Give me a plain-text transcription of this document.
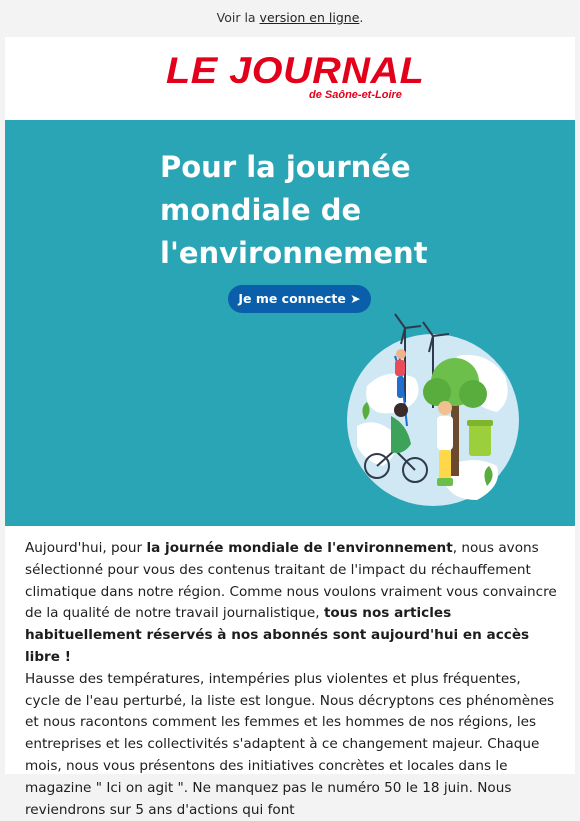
Voir la version en ligne.
LE JOURNAL
de Saône-et-Loire
Pour la journée mondiale de l'environnement
Je me connecte ➤

Aujourd'hui, pour la journée mondiale de l'environnement, nous avons sélectionné pour vous des contenus traitant de l'impact du réchauffement climatique dans notre région. Comme nous voulons vraiment vous convaincre de la qualité de notre travail journalistique, tous nos articles habituellement réservés à nos abonnés sont aujourd'hui en accès libre !

Hausse des températures, intempéries plus violentes et plus fréquentes, cycle de l'eau perturbé, la liste est longue. Nous décryptons ces phénomènes et nous racontons comment les femmes et les hommes de nos régions, les entreprises et les collectivités s'adaptent à ce changement majeur. Chaque mois, nous vous présentons des initiatives concrètes et locales dans le magazine " Ici on agit ". Ne manquez pas le numéro 50 le 18 juin. Nous reviendrons sur 5 ans d'actions qui font
